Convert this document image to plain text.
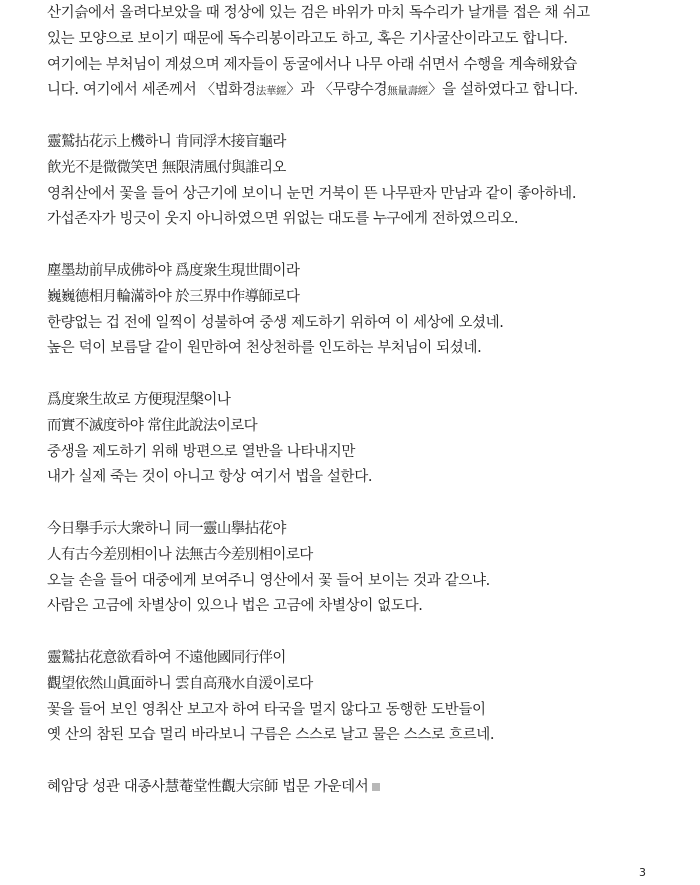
산기슭에서 올려다보았을 때 정상에 있는 검은 바위가 마치 독수리가 날개를 접은 채 쉬고
있는 모양으로 보이기 때문에 독수리봉이라고도 하고, 혹은 기사굴산이라고도 합니다.
여기에는 부처님이 계셨으며 제자들이 동굴에서나 나무 아래 쉬면서 수행을 계속해왔습
니다. 여기에서 세존께서 〈법화경法華經〉과 〈무량수경無量壽經〉을 설하였다고 합니다.
靈鷲拈花示上機하니 肯同浮木接盲龜라
飮光不是微微笑면 無限淸風付與誰리오
영취산에서 꽃을 들어 상근기에 보이니 눈먼 거북이 뜬 나무판자 만남과 같이 좋아하네.
가섭존자가 빙긋이 웃지 아니하였으면 위없는 대도를 누구에게 전하였으리오.
塵墨劫前早成佛하야 爲度衆生現世間이라
巍巍德相月輪滿하야 於三界中作導師로다
한량없는 겁 전에 일찍이 성불하여 중생 제도하기 위하여 이 세상에 오셨네.
높은 덕이 보름달 같이 원만하여 천상천하를 인도하는 부처님이 되셨네.
爲度衆生故로 方便現涅槃이나
而實不滅度하야 常住此說法이로다
중생을 제도하기 위해 방편으로 열반을 나타내지만
내가 실제 죽는 것이 아니고 항상 여기서 법을 설한다.
今日擧手示大衆하니 同一靈山擧拈花야
人有古今差別相이나 法無古今差別相이로다
오늘 손을 들어 대중에게 보여주니 영산에서 꽃 들어 보이는 것과 같으냐.
사람은 고금에 차별상이 있으나 법은 고금에 차별상이 없도다.
靈鷲拈花意欲看하여 不遠他國同行伴이
觀望依然山眞面하니 雲自高飛水自湲이로다
꽃을 들어 보인 영취산 보고자 하여 타국을 멀지 않다고 동행한 도반들이
옛 산의 참된 모습 멀리 바라보니 구름은 스스로 날고 물은 스스로 흐르네.
혜암당 성관 대종사慧菴堂性觀大宗師 법문 가운데서
3
